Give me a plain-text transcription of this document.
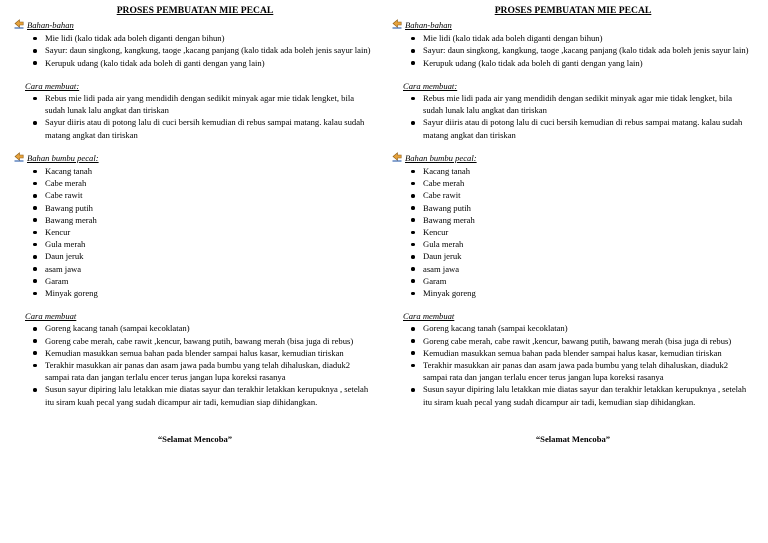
PROSES PEMBUATAN MIE PECAL
Bahan-bahan
Mie lidi (kalo tidak ada boleh diganti dengan bihun)
Sayur: daun singkong, kangkung, taoge ,kacang panjang (kalo tidak ada boleh jenis sayur lain)
Kerupuk udang (kalo tidak ada boleh di ganti dengan yang lain)
Cara membuat:
Rebus mie lidi pada air yang mendidih dengan sedikit minyak agar mie tidak lengket, bila sudah lunak lalu angkat dan tiriskan
Sayur diiris atau di potong lalu di cuci bersih kemudian di rebus sampai matang. kalau sudah matang angkat dan tiriskan
Bahan bumbu pecal:
Kacang tanah
Cabe merah
Cabe rawit
Bawang putih
Bawang merah
Kencur
Gula merah
Daun jeruk
asam jawa
Garam
Minyak goreng
Cara membuat
Goreng kacang tanah (sampai kecoklatan)
Goreng cabe merah, cabe rawit ,kencur, bawang putih, bawang merah (bisa juga di rebus)
Kemudian masukkan semua bahan pada blender sampai halus kasar, kemudian tiriskan
Terakhir masukkan air panas dan asam jawa pada bumbu yang telah dihaluskan, diaduk2 sampai rata dan jangan terlalu encer terus jangan lupa koreksi rasanya
Susun sayur dipiring lalu letakkan mie diatas sayur dan terakhir letakkan kerupuknya , setelah itu siram kuah pecal yang sudah dicampur air tadi, kemudian siap dihidangkan.
“Selamat Mencoba”
PROSES PEMBUATAN MIE PECAL
Bahan-bahan
Mie lidi (kalo tidak ada boleh diganti dengan bihun)
Sayur: daun singkong, kangkung, taoge ,kacang panjang (kalo tidak ada boleh jenis sayur lain)
Kerupuk udang (kalo tidak ada boleh di ganti dengan yang lain)
Cara membuat:
Rebus mie lidi pada air yang mendidih dengan sedikit minyak agar mie tidak lengket, bila sudah lunak lalu angkat dan tiriskan
Sayur diiris atau di potong lalu di cuci bersih kemudian di rebus sampai matang. kalau sudah matang angkat dan tiriskan
Bahan bumbu pecal:
Kacang tanah
Cabe merah
Cabe rawit
Bawang putih
Bawang merah
Kencur
Gula merah
Daun jeruk
asam jawa
Garam
Minyak goreng
Cara membuat
Goreng kacang tanah (sampai kecoklatan)
Goreng cabe merah, cabe rawit ,kencur, bawang putih, bawang merah (bisa juga di rebus)
Kemudian masukkan semua bahan pada blender sampai halus kasar, kemudian tiriskan
Terakhir masukkan air panas dan asam jawa pada bumbu yang telah dihaluskan, diaduk2 sampai rata dan jangan terlalu encer terus jangan lupa koreksi rasanya
Susun sayur dipiring lalu letakkan mie diatas sayur dan terakhir letakkan kerupuknya , setelah itu siram kuah pecal yang sudah dicampur air tadi, kemudian siap dihidangkan.
“Selamat Mencoba”
